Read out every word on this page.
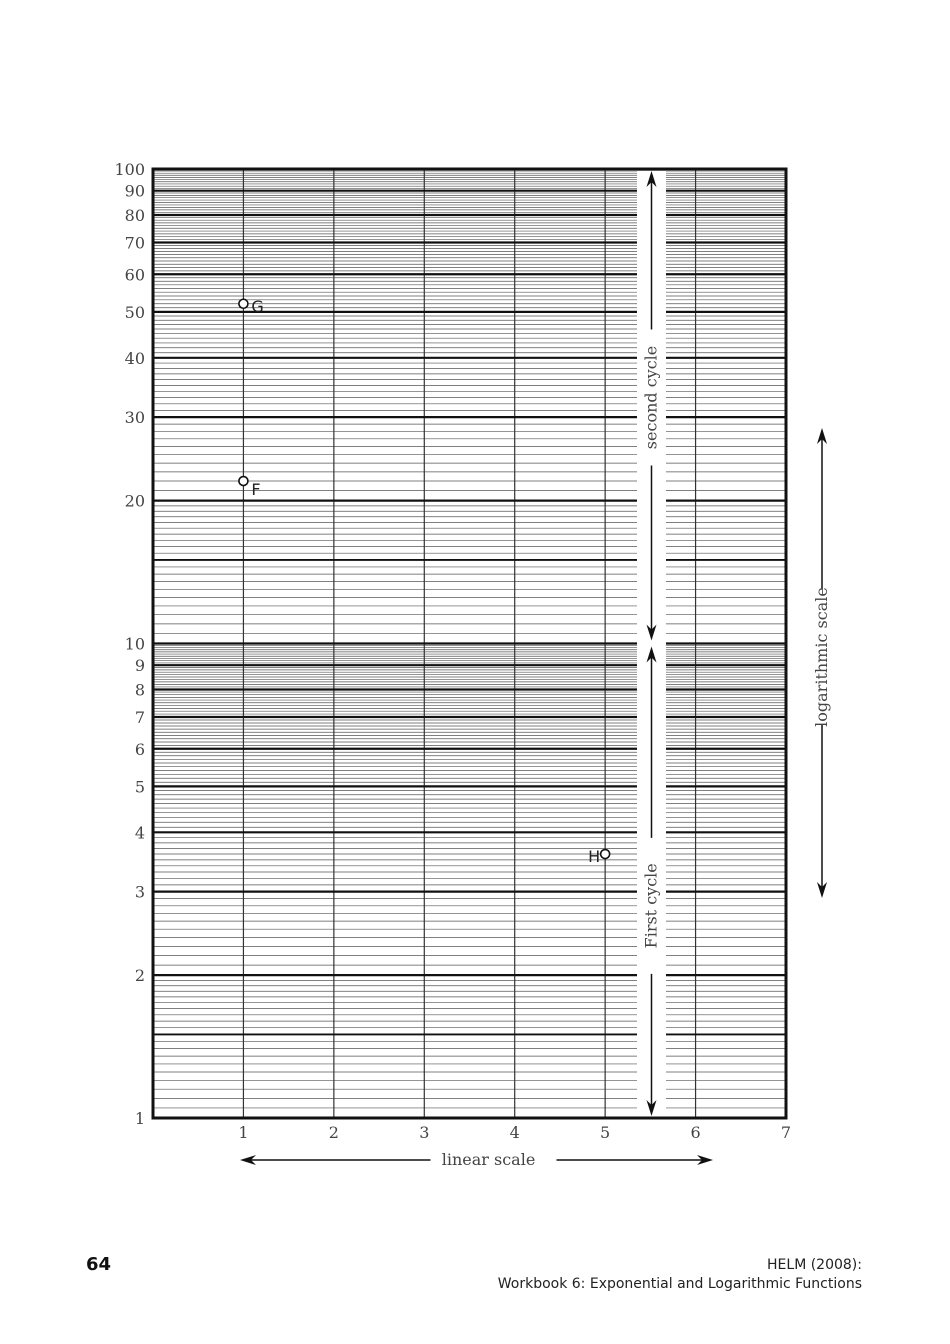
1
2
3
4
5
6
7
8
9
10
20
30
40
50
60
70
80
90
100
1	2	3	4	5	6	7
second cycle
First cycle
logarithmic scale
linear scale
G
F
H
64	HELM (2008):
Workbook 6: Exponential and Logarithmic Functions
